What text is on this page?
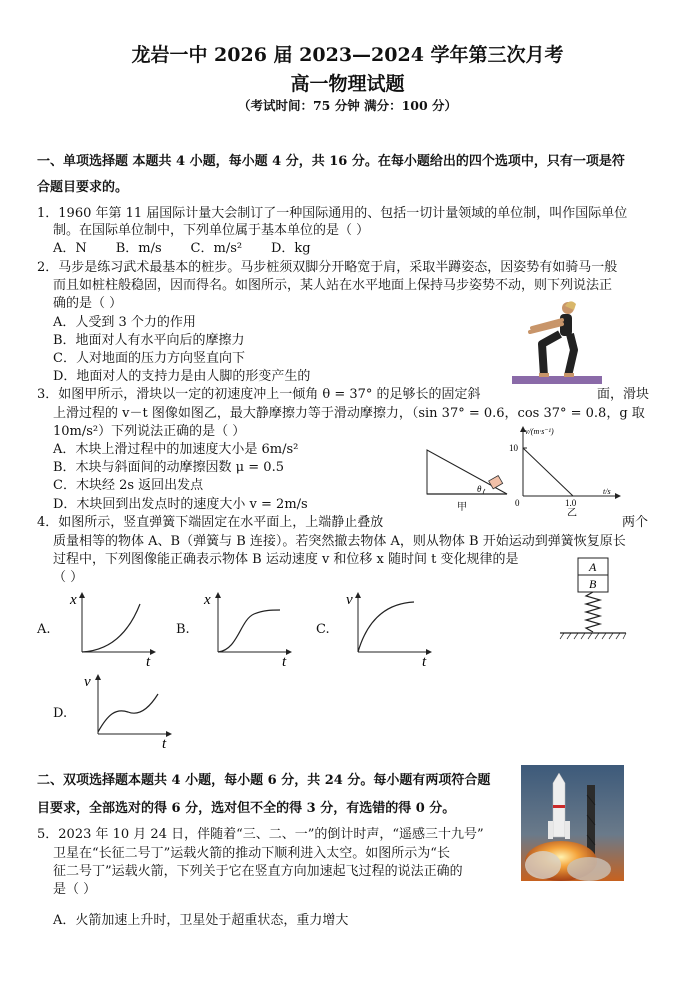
龙岩一中 2026 届 2023—2024 学年第三次月考
高一物理试题
（考试时间：75 分钟 满分：100 分）
一、单项选择题 本题共 4 小题，每小题 4 分，共 16 分。在每小题给出的四个选项中，只有一项是符
合题目要求的。
1．1960 年第 11 届国际计量大会制订了一种国际通用的、包括一切计量领域的单位制，叫作国际单位
制。在国际单位制中，下列单位属于基本单位的是（ ）
A．N       B．m/s       C．m/s²       D．kg
2．马步是练习武术最基本的桩步。马步桩须双脚分开略宽于肩，采取半蹲姿态，因姿势有如骑马一般
而且如桩柱般稳固，因而得名。如图所示，某人站在水平地面上保持马步姿势不动，则下列说法正
确的是（ ）
A．人受到 3 个力的作用
B．地面对人有水平向后的摩擦力
C．人对地面的压力方向竖直向下
D．地面对人的支持力是由人脚的形变产生的
3．如图甲所示，滑块以一定的初速度冲上一倾角 θ = 37° 的足够长的固定斜	面，滑块
上滑过程的 v－t 图像如图乙，最大静摩擦力等于滑动摩擦力，（sin 37° = 0.6，cos 37° = 0.8，g 取
10m/s²）下列说法正确的是（ ）
A．木块上滑过程中的加速度大小是 6m/s²
B．木块与斜面间的动摩擦因数 μ = 0.5
C．木块经 2s 返回出发点
D．木块回到出发点时的速度大小 v = 2m/s
θ
甲
v/(m·s⁻¹)
10
0	1.0
t/s
乙
4．如图所示，竖直弹簧下端固定在水平面上，上端静止叠放	两个
质量相等的物体 A、B（弹簧与 B 连接）。若突然撤去物体 A，则从物体 B 开始运动到弹簧恢复原长
过程中，下列图像能正确表示物体 B 运动速度 v 和位移 x 随时间 t 变化规律的是
（ ）
A
B
A.
x
t
B.
x
t
C.
v
t
D.
v
t
二、双项选择题本题共 4 小题，每小题 6 分，共 24 分。每小题有两项符合题
目要求，全部选对的得 6 分，选对但不全的得 3 分，有选错的得 0 分。
5．2023 年 10 月 24 日，伴随着“三、二、一”的倒计时声，“遥感三十九号”
卫星在“长征二号丁”运载火箭的推动下顺利进入太空。如图所示为“长
征二号丁”运载火箭，下列关于它在竖直方向加速起飞过程的说法正确的
是（ ）
A．火箭加速上升时，卫星处于超重状态，重力增大
